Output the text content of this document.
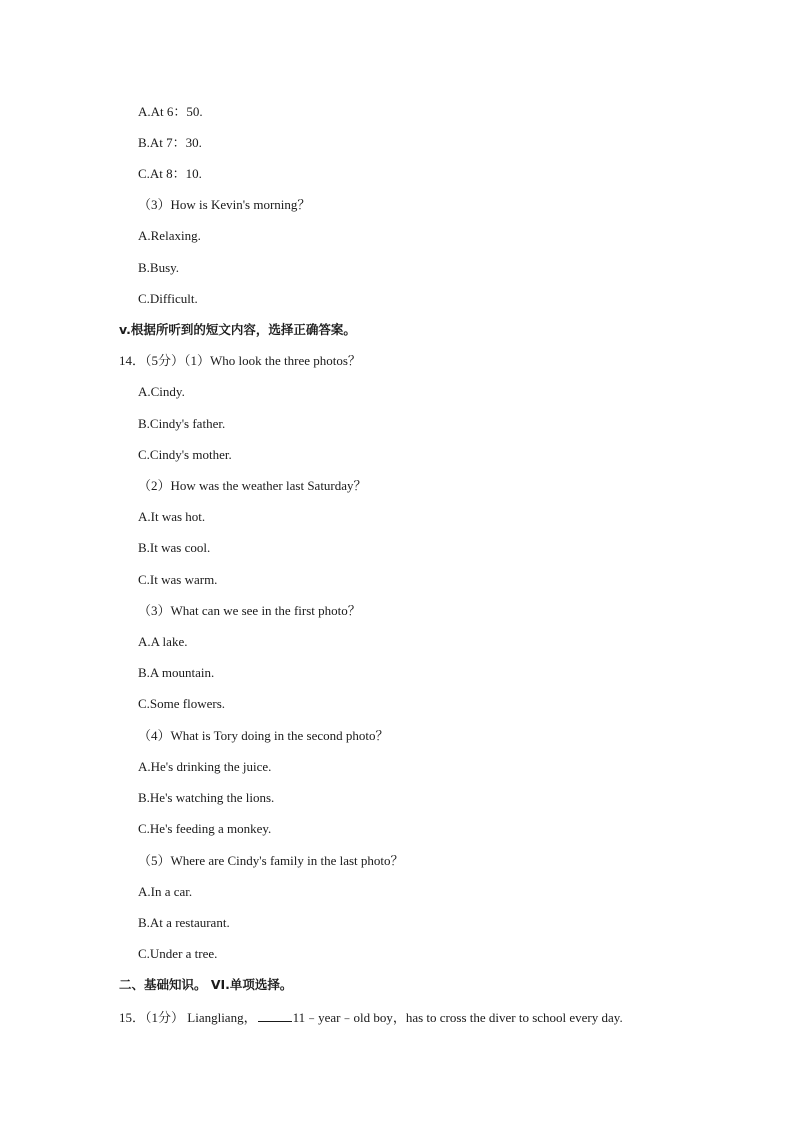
A.At 6：50.
B.At 7：30.
C.At 8：10.
（3）How is Kevin's morning？
A.Relaxing.
B.Busy.
C.Difficult.
v.根据所听到的短文内容，选择正确答案。
14．（5分）（1）Who look the three photos？
A.Cindy.
B.Cindy's father.
C.Cindy's mother.
（2）How was the weather last Saturday？
A.It was hot.
B.It was cool.
C.It was warm.
（3）What can we see in the first photo？
A.A lake.
B.A mountain.
C.Some flowers.
（4）What is Tory doing in the second photo？
A.He's drinking the juice.
B.He's watching the lions.
C.He's feeding a monkey.
（5）Where are Cindy's family in the last photo？
A.In a car.
B.At a restaurant.
C.Under a tree.
二、基础知识。 VI.单项选择。
15．（1分） Liangliang，	11﹣year﹣old boy，has to cross the diver to school every day.
